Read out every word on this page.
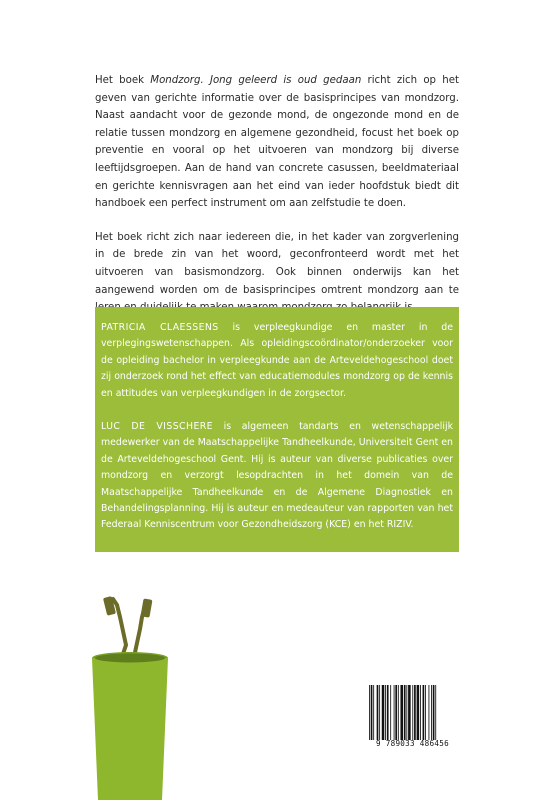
Het boek Mondzorg. Jong geleerd is oud gedaan richt zich op het geven van gerichte informatie over de basisprincipes van mondzorg. Naast aandacht voor de gezonde mond, de ongezonde mond en de relatie tussen mondzorg en algemene gezondheid, focust het boek op preventie en vooral op het uitvoeren van mondzorg bij diverse leeftijdsgroepen. Aan de hand van concrete casussen, beeldmateriaal en gerichte kennisvragen aan het eind van ieder hoofdstuk biedt dit handboek een perfect instrument om aan zelfstudie te doen.

Het boek richt zich naar iedereen die, in het kader van zorgverlening in de brede zin van het woord, geconfronteerd wordt met het uitvoeren van basismondzorg. Ook binnen onderwijs kan het aangewend worden om de basisprincipes omtrent mondzorg aan te

PATRICIA CLAESSENS is verpleegkundige en master in de verplegingswetenschappen. Als opleidingscoördinator/onderzoeker voor de opleiding bachelor in verpleegkunde aan de Arteveldehogeschool doet zij onderzoek rond het effect van educatiemodules mondzorg op de kennis en attitudes van verpleegkundigen in de zorgsector.

LUC DE VISSCHERE is algemeen tandarts en wetenschappelijk medewerker van de Maatschappelijke Tandheelkunde, Universiteit Gent en de Arteveldehogeschool Gent. Hij is auteur van diverse publicaties over mondzorg en verzorgt lesopdrachten in het domein van de Maatschappelijke Tandheelkunde en de Algemene Diagnostiek en Behandelingsplanning. Hij is auteur en medeauteur van rapporten van het Federaal Kenniscentrum voor Gezondheidszorg (KCE) en het RIZIV.

9 789033 486456
